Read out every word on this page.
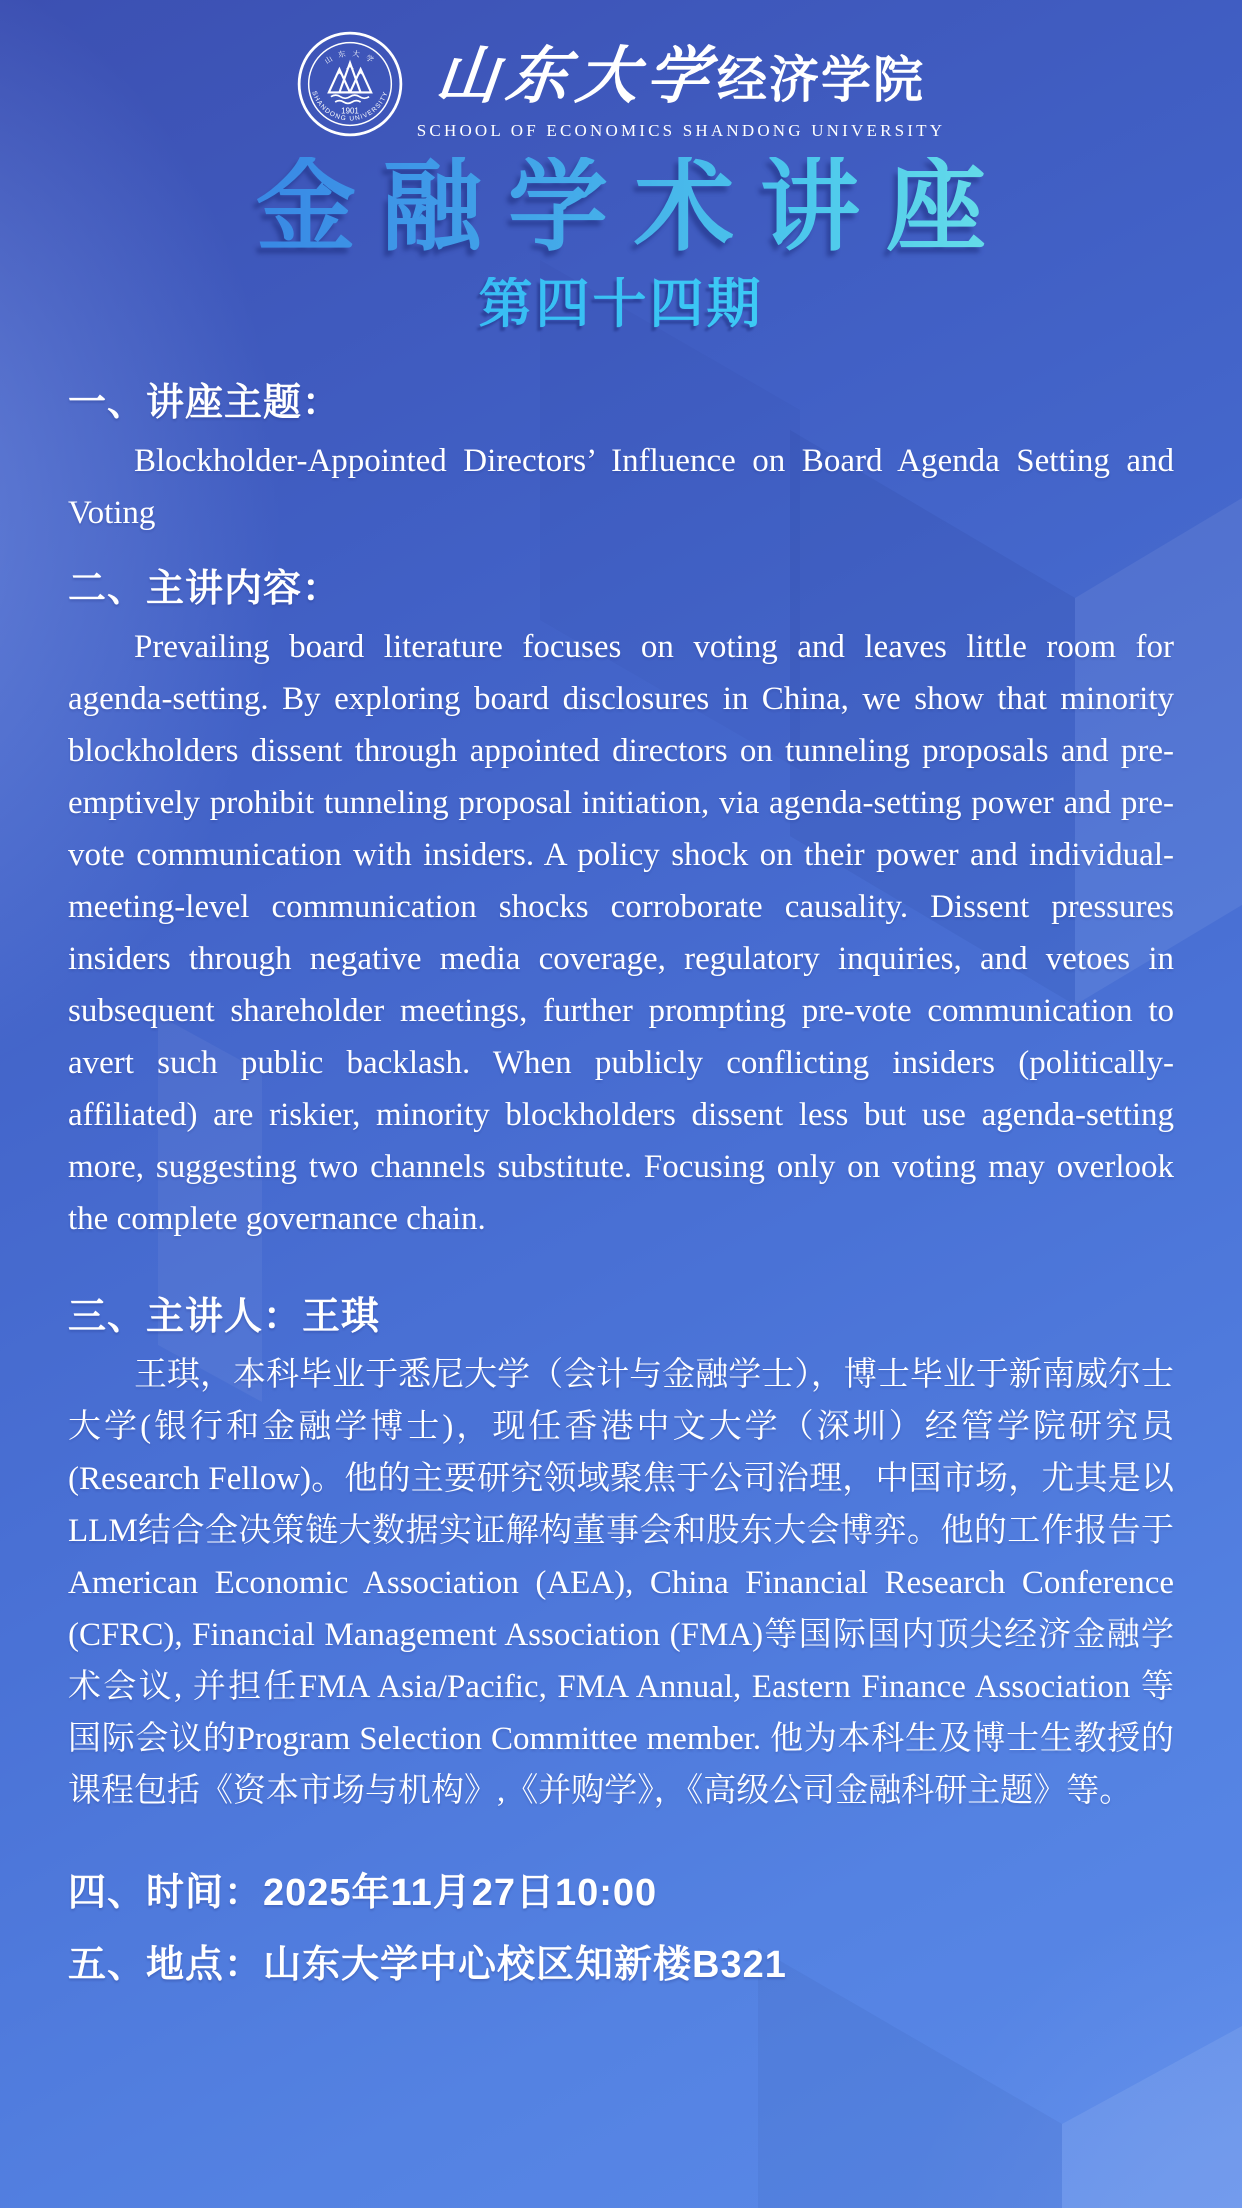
1901
SHANDONG UNIVERSITY
山 东 大 学 山东大学
经济学院
SCHOOL OF ECONOMICS SHANDONG UNIVERSITY
金融学术讲座
第四十四期
一、讲座主题：

Blockholder-Appointed Directors’ Influence on Board Agenda Setting and Voting

二、主讲内容：

Prevailing board literature focuses on voting and leaves little room for agenda-setting. By exploring board disclosures in China, we show that minority blockholders dissent through appointed directors on tunneling proposals and pre-emptively prohibit tunneling proposal initiation, via agenda-setting power and pre-vote communication with insiders. A policy shock on their power and individual-meeting-level communication shocks corroborate causality. Dissent pressures insiders through negative media coverage, regulatory inquiries, and vetoes in subsequent shareholder meetings, further prompting pre-vote communication to avert such public backlash. When publicly conflicting insiders (politically-affiliated) are riskier, minority blockholders dissent less but use agenda-setting more, suggesting two channels substitute. Focusing only on voting may overlook the complete governance chain.

三、主讲人：王琪

王琪，本科毕业于悉尼大学（会计与金融学士），博士毕业于新南威尔士大学(银行和金融学博士)，现任香港中文大学（深圳）经管学院研究员 (Research Fellow)。他的主要研究领域聚焦于公司治理，中国市场，尤其是以LLM结合全决策链大数据实证解构董事会和股东大会博弈。他的工作报告于American Economic Association (AEA), China Financial Research Conference (CFRC), Financial Management Association (FMA)等国际国内顶尖经济金融学术会议, 并担任FMA Asia/Pacific, FMA Annual, Eastern Finance Association 等国际会议的Program Selection Committee member. 他为本科生及博士生教授的课程包括《资本市场与机构》,《并购学》，《高级公司金融科研主题》等。

四、时间：2025年11月27日10:00
五、地点：山东大学中心校区知新楼B321
